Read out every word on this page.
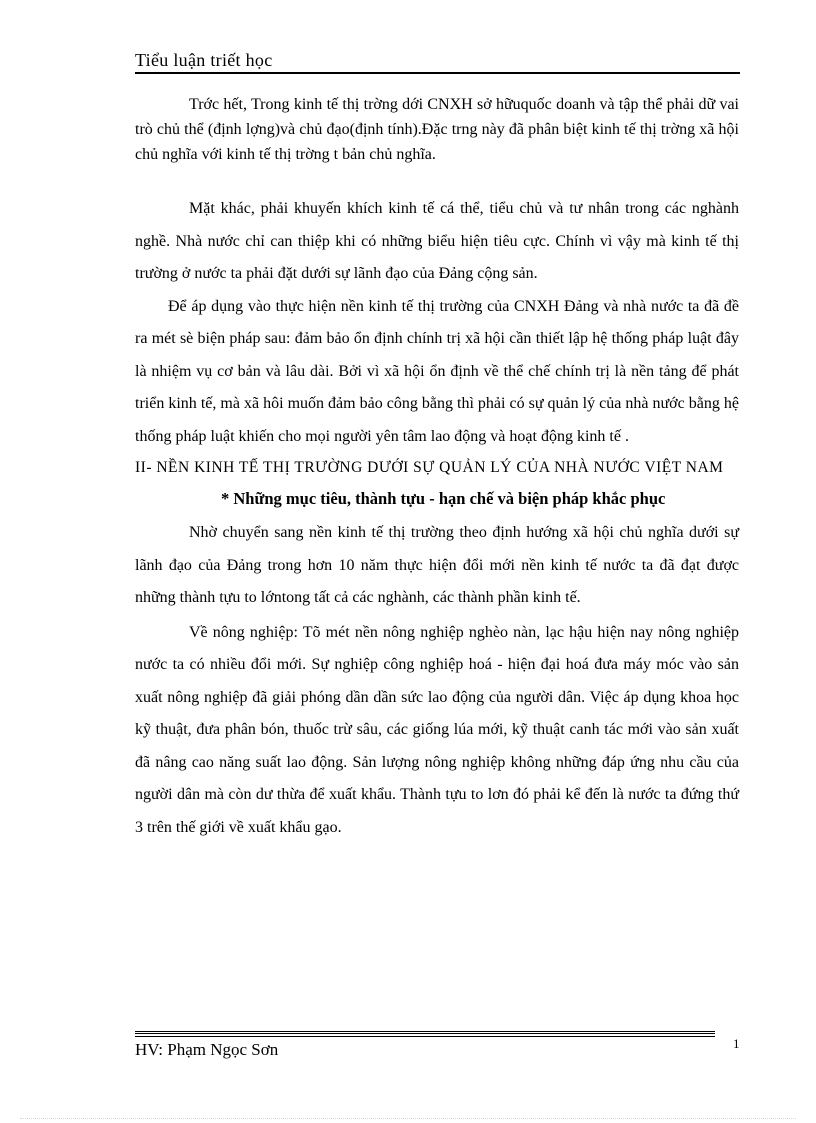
Tiểu luận triết học

Trớc hết, Trong kinh tế thị trờng dới CNXH sở hữuquốc doanh và tập thể phải dữ vai trò chủ thể (định lợng)và chủ đạo(định tính).Đặc trng này đã phân biệt kinh tế thị trờng xã hội chủ nghĩa với kinh tế thị trờng t bản chủ nghĩa.

Mặt khác, phải khuyến khích kinh tế cá thể, tiểu chủ và tư nhân trong các nghành nghề. Nhà nước chỉ can thiệp khi có những biểu hiện tiêu cực. Chính vì vậy mà kinh tế thị trường ở nước ta phải đặt dưới sự lãnh đạo của Đảng cộng sản.

Để áp dụng vào thực hiện nền kinh tế thị trường của CNXH Đảng và nhà nước ta đã đề ra mét sè biện pháp sau: đảm bảo ổn định chính trị xã hội cần thiết lập hệ thống pháp luật đây là nhiệm vụ cơ bản và lâu dài. Bởi vì xã hội ổn định về thể chế chính trị là nền tảng để phát triển kinh tế, mà xã hôi muốn đảm bảo công bằng thì phải có sự quản lý của nhà nước bằng hệ thống pháp luật khiến cho mọi người yên tâm lao động và hoạt động kinh tế .

II- NỀN KINH TẾ THỊ TRƯỜNG DƯỚI SỰ QUẢN LÝ CỦA NHÀ NƯỚC VIỆT NAM

* Những mục tiêu, thành tựu - hạn chế và biện pháp khắc phục

Nhờ chuyển sang nền kinh tế thị trường theo định hướng xã hội chủ nghĩa dưới sự lãnh đạo của Đảng trong hơn 10 năm thực hiện đổi mới nền kinh tế nước ta đã đạt được những thành tựu to lớntong tất cả các nghành, các thành phần kinh tế.

Về nông nghiệp: Tõ mét nền nông nghiệp nghèo nàn, lạc hậu hiện nay nông nghiệp nước ta có nhiều đổi mới. Sự nghiệp công nghiệp hoá - hiện đại hoá đưa máy móc vào sản xuất nông nghiệp đã giải phóng dần dần sức lao động của người dân. Việc áp dụng khoa học kỹ thuật, đưa phân bón, thuốc trừ sâu, các giống lúa mới, kỹ thuật canh tác mới vào sản xuất đã nâng cao năng suất lao động. Sản lượng nông nghiệp không những đáp ứng nhu cầu của người dân mà còn dư thừa để xuất khẩu. Thành tựu to lơn đó phải kể đến là nước ta đứng thứ 3 trên thế giới về xuất khẩu gạo.

1
HV: Phạm Ngọc Sơn
